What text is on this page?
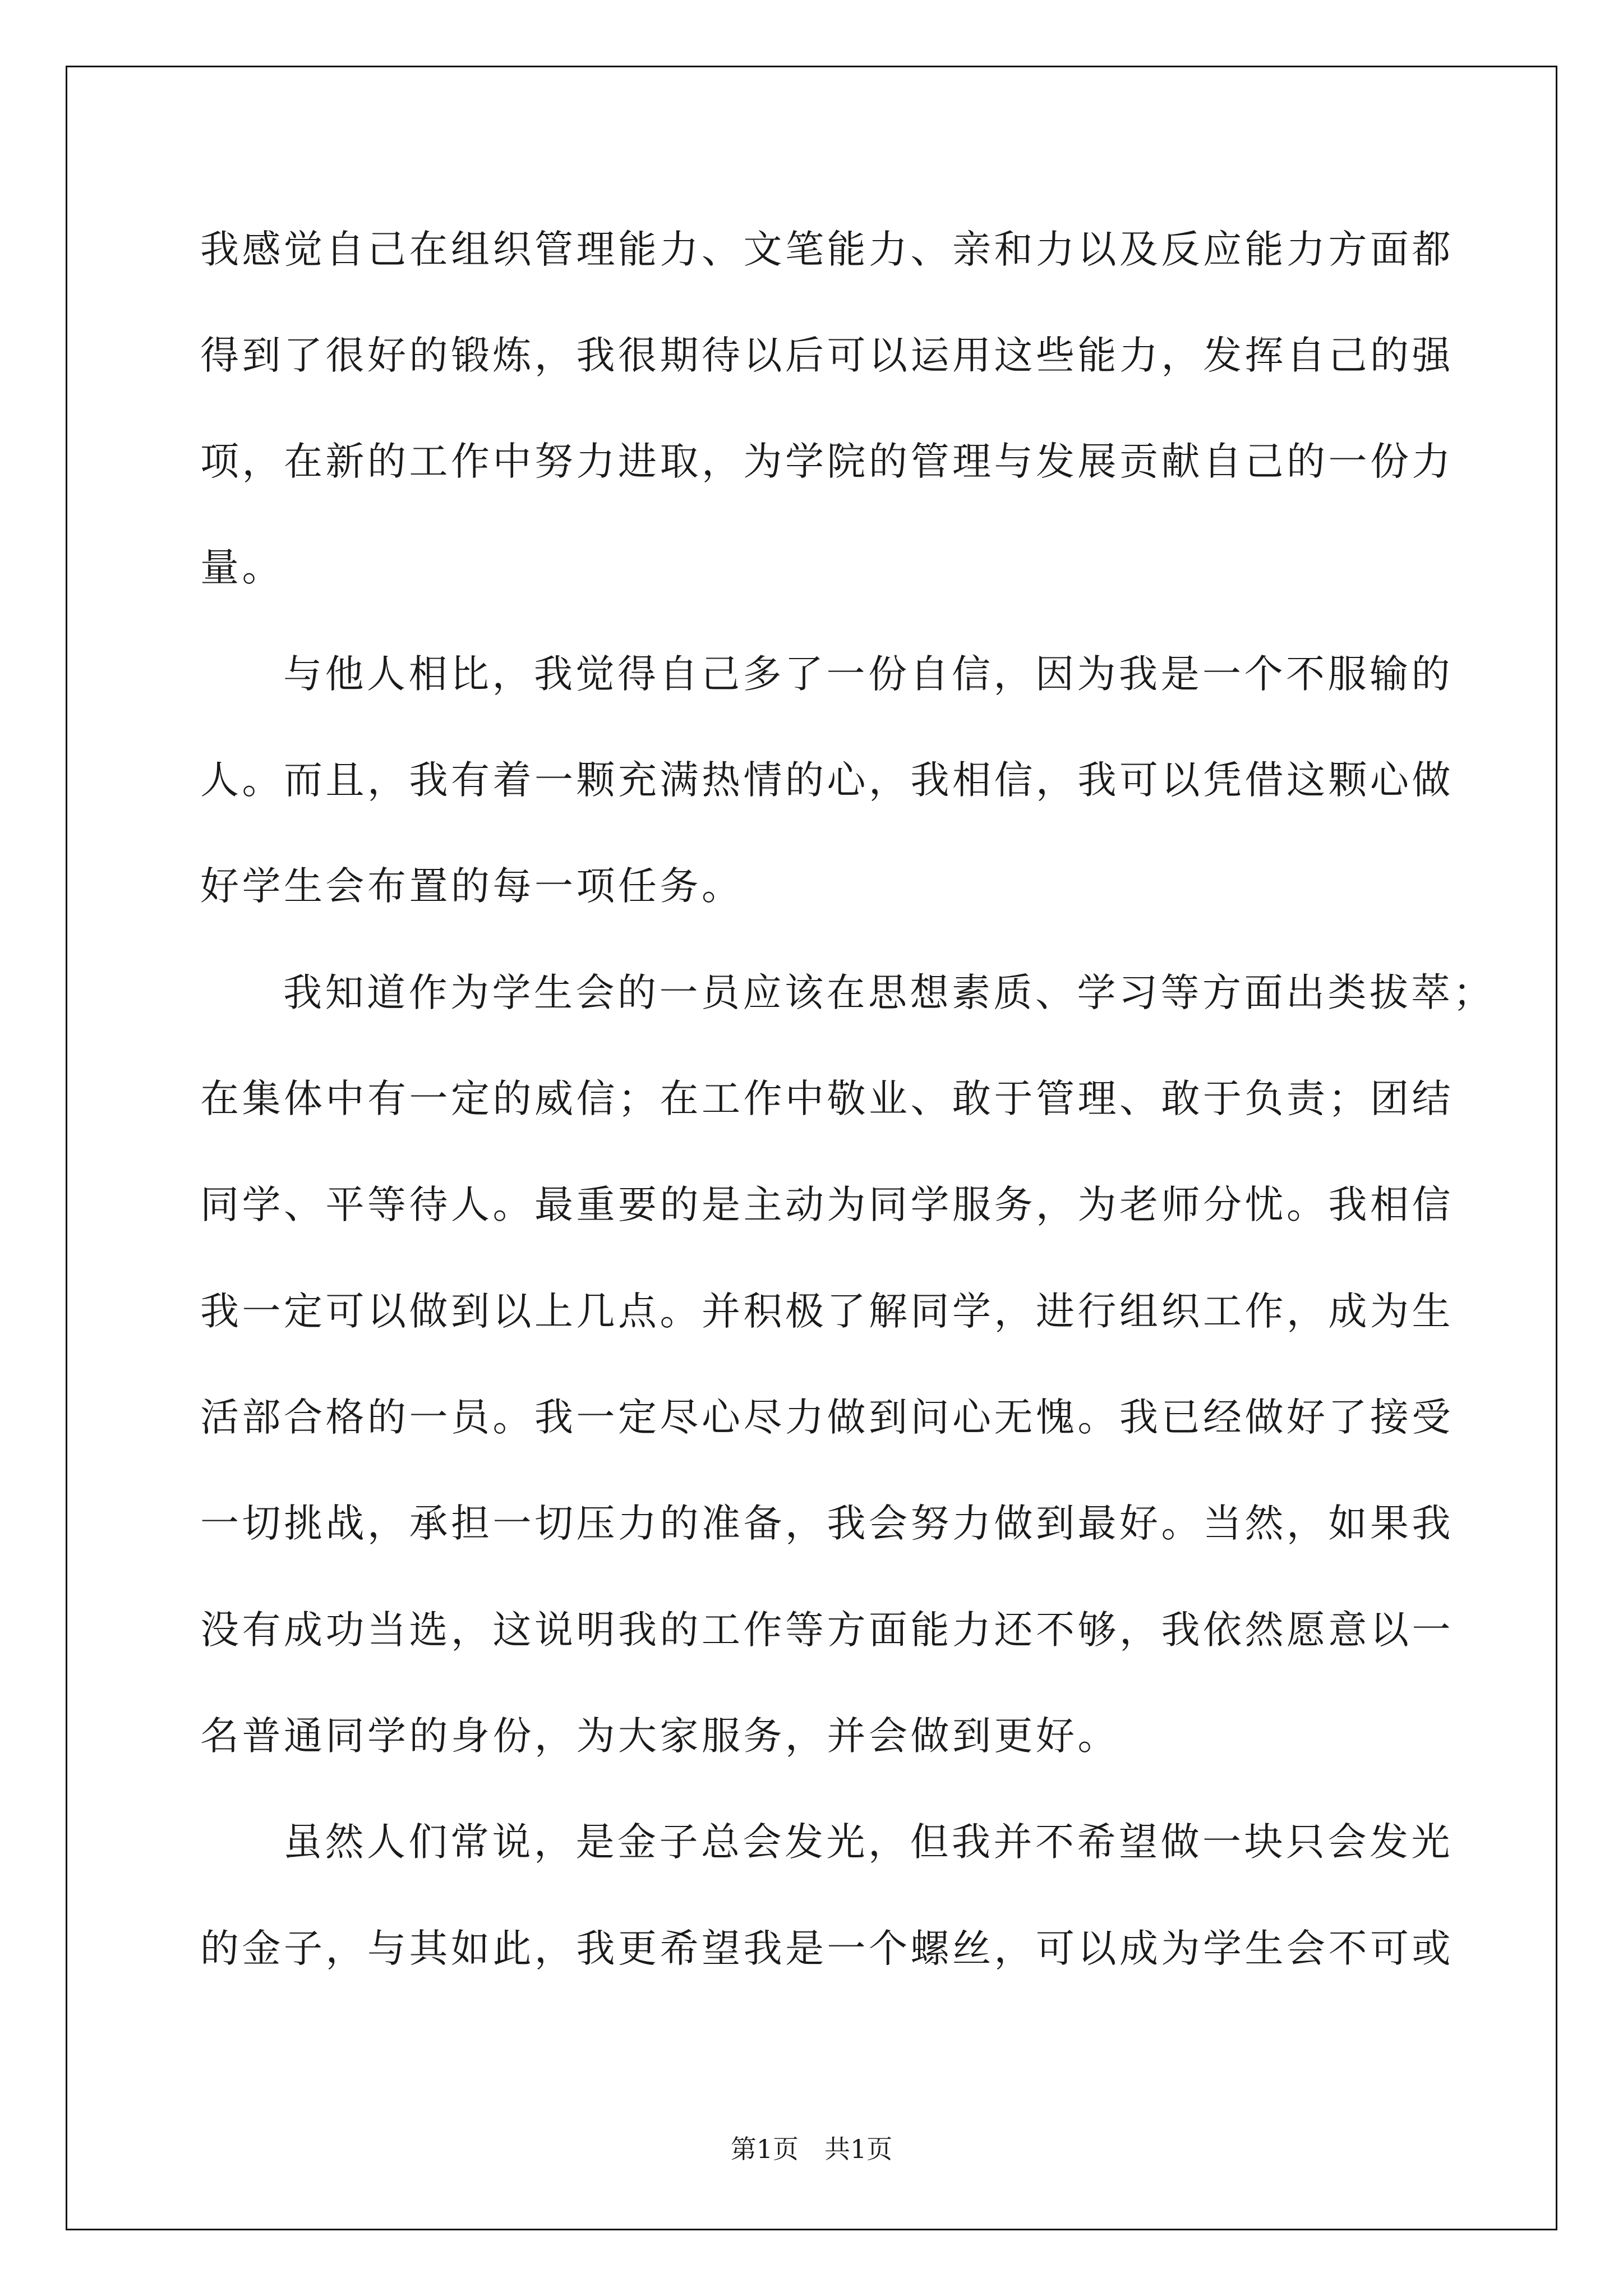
我感觉自己在组织管理能力、文笔能力、亲和力以及反应能力方面都
得到了很好的锻炼，我很期待以后可以运用这些能力，发挥自己的强
项，在新的工作中努力进取，为学院的管理与发展贡献自己的一份力
量。
与他人相比，我觉得自己多了一份自信，因为我是一个不服输的
人。而且，我有着一颗充满热情的心，我相信，我可以凭借这颗心做
好学生会布置的每一项任务。
我知道作为学生会的一员应该在思想素质、学习等方面出类拔萃；
在集体中有一定的威信；在工作中敬业、敢于管理、敢于负责；团结
同学、平等待人。最重要的是主动为同学服务，为老师分忧。我相信
我一定可以做到以上几点。并积极了解同学，进行组织工作，成为生
活部合格的一员。我一定尽心尽力做到问心无愧。我已经做好了接受
一切挑战，承担一切压力的准备，我会努力做到最好。当然，如果我
没有成功当选，这说明我的工作等方面能力还不够，我依然愿意以一
名普通同学的身份，为大家服务，并会做到更好。
虽然人们常说，是金子总会发光，但我并不希望做一块只会发光
的金子，与其如此，我更希望我是一个螺丝，可以成为学生会不可或
第1页　共1页
